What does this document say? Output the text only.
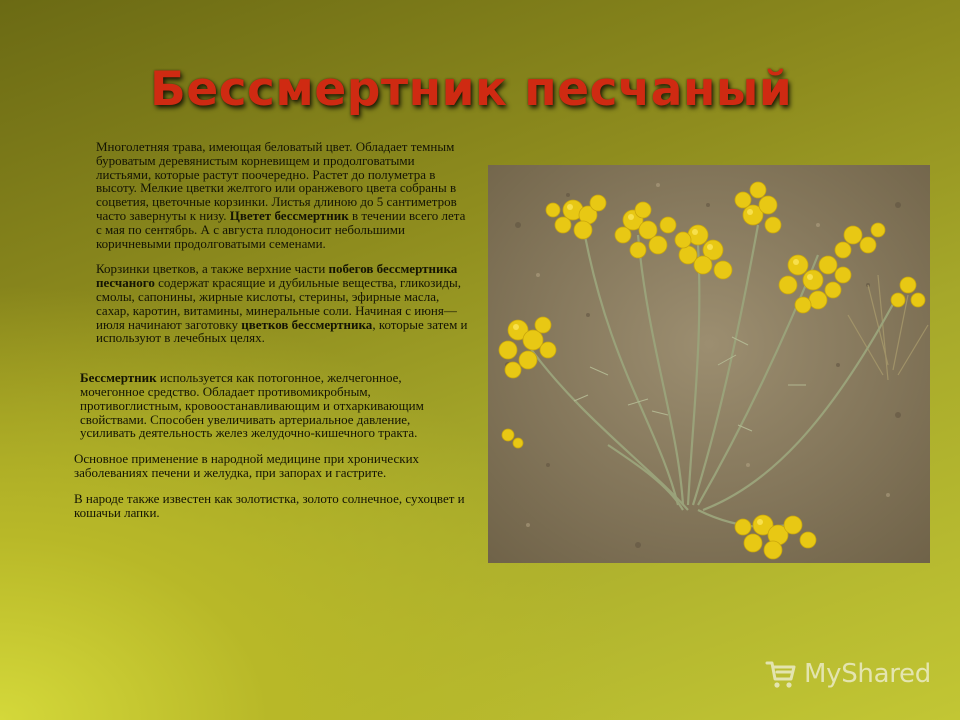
Бессмертник песчаный

Многолетняя трава, имеющая беловатый цвет. Обладает темным буроватым деревянистым корневищем и продолговатыми листьями, которые растут поочередно. Растет до полуметра в высоту. Мелкие цветки желтого или оранжевого цвета собраны в соцветия, цветочные корзинки. Листья длиною до 5 сантиметров часто завернуты к низу. Цветет бессмертник в течении всего лета с мая по сентябрь. А с августа плодоносит небольшими коричневыми продолговатыми семенами.

Корзинки цветков, а также верхние части побегов бессмертника песчаного содержат красящие и дубильные вещества, гликозиды, смолы, сапонины, жирные кислоты, стерины, эфирные масла, сахар, каротин, витамины, минеральные соли. Начиная с июня—июля начинают заготовку цветков бессмертника, которые затем и используют в лечебных целях.

Бессмертник используется как потогонное, желчегонное, мочегонное средство. Обладает противомикробным, противоглистным, кровоостанавливающим и отхаркивающим свойствами. Способен увеличивать артериальное давление, усиливать деятельность желез желудочно-кишечного тракта.

Основное применение в народной медицине при хронических заболеваниях печени и желудка, при запорах и гастрите.

В народе также известен как золотистка, золото солнечное, сухоцвет и кошачьи лапки.

MyShared
